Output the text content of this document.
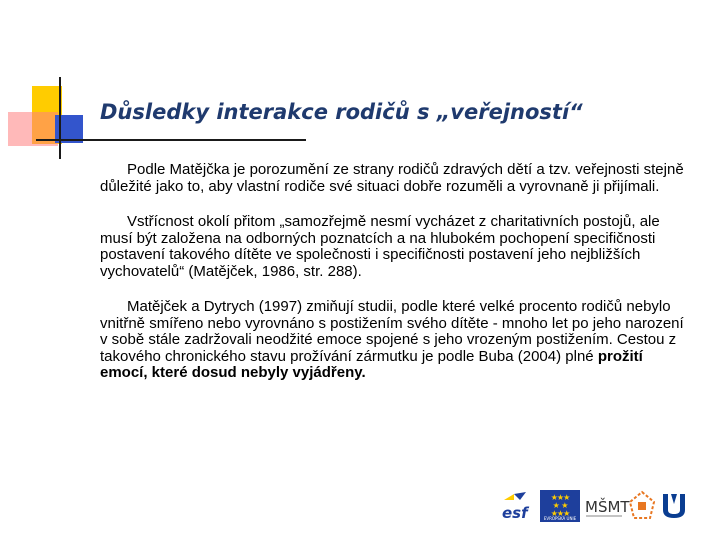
Důsledky interakce rodičů s „veřejností“

Podle Matějčka je porozumění ze strany rodičů zdravých dětí a tzv. veřejnosti stejně důležité jako to, aby vlastní rodiče své situaci dobře rozuměli a vyrovnaně ji přijímali.

Vstřícnost okolí přitom „samozřejmě nesmí vycházet z charitativních postojů, ale musí být založena na odborných poznatcích a na hlubokém pochopení specifičnosti postavení takového dítěte ve společnosti i specifičnosti postavení jeho nejbližších vychovatelů“ (Matějček, 1986, str. 288).

Matějček a Dytrych (1997) zmiňují studii, podle které velké procento rodičů nebylo vnitřně smířeno nebo vyrovnáno s postižením svého dítěte - mnoho let po jeho narození v sobě stále zadržovali neodžité emoce spojené s jeho vrozeným postižením. Cestou z takového chronického stavu prožívání zármutku je podle Buba (2004) plné prožití emocí, které dosud nebyly vyjádřeny.

esf
★★★
★  ★
★★★
EVROPSKÁ UNIE
MŠMT
